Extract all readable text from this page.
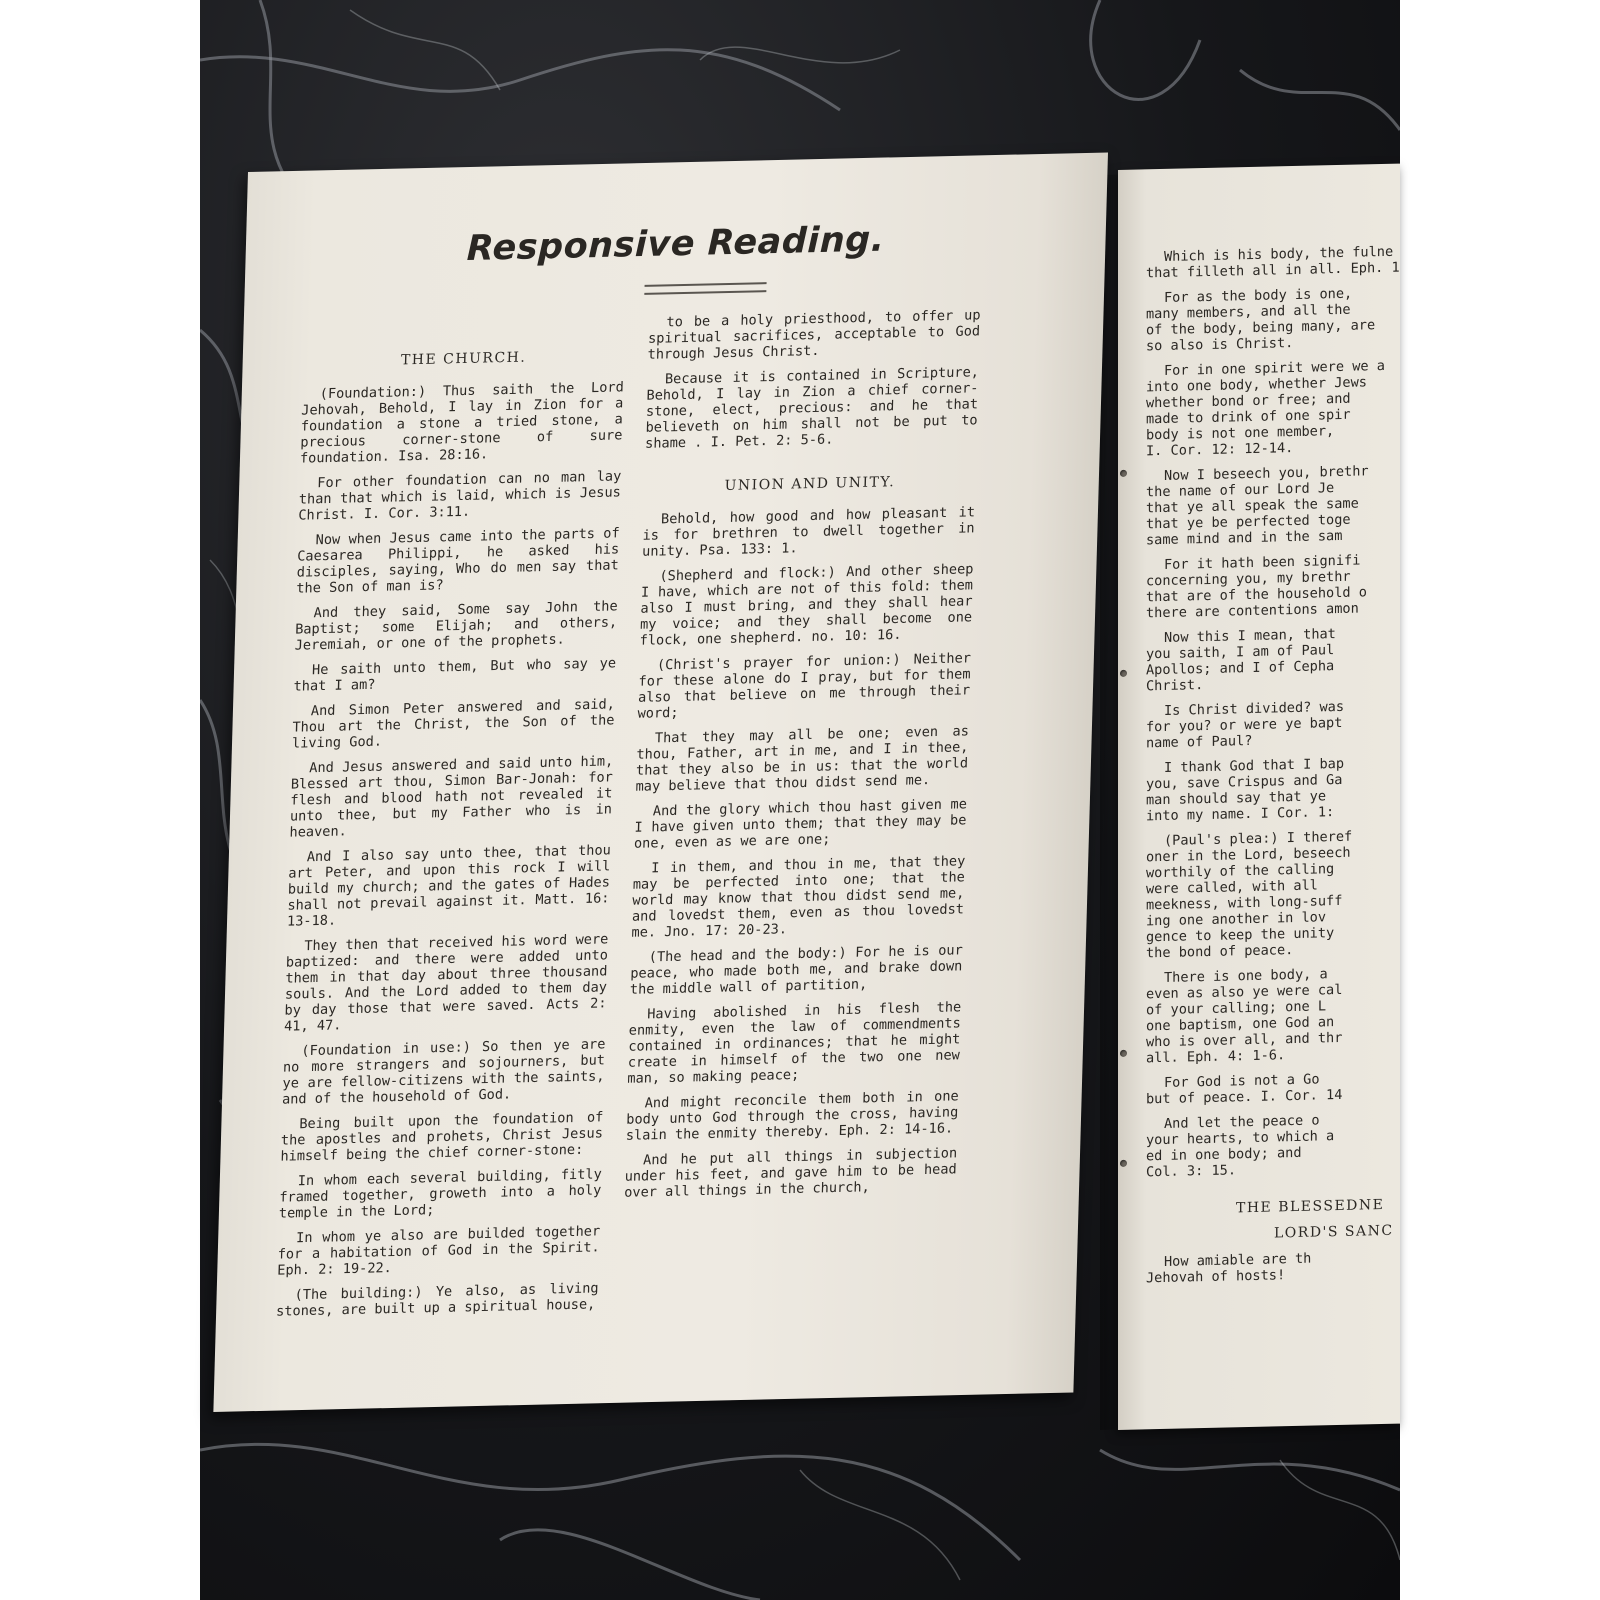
Responsive Reading.
THE CHURCH.

(Foundation:) Thus saith the Lord Jehovah, Behold, I lay in Zion for a foundation a stone a tried stone, a precious corner-stone of sure foundation. Isa. 28:16.

For other foundation can no man lay than that which is laid, which is Jesus Christ. I. Cor. 3:11.

Now when Jesus came into the parts of Caesarea Philippi, he asked his disciples, saying, Who do men say that the Son of man is?

And they said, Some say John the Baptist; some Elijah; and others, Jeremiah, or one of the prophets.

He saith unto them, But who say ye that I am?

And Simon Peter answered and said, Thou art the Christ, the Son of the living God.

And Jesus answered and said unto him, Blessed art thou, Simon Bar-Jonah: for flesh and blood hath not revealed it unto thee, but my Father who is in heaven.

And I also say unto thee, that thou art Peter, and upon this rock I will build my church; and the gates of Hades shall not prevail against it. Matt. 16: 13-18.

They then that received his word were baptized: and there were added unto them in that day about three thousand souls. And the Lord added to them day by day those that were saved. Acts 2: 41, 47.

(Foundation in use:) So then ye are no more strangers and sojourners, but ye are fellow-citizens with the saints, and of the household of God.

Being built upon the foundation of the apostles and prohets, Christ Jesus himself being the chief corner-stone:

In whom each several building, fitly framed together, groweth into a holy temple in the Lord;

In whom ye also are builded together for a habitation of God in the Spirit. Eph. 2: 19-22.

(The building:) Ye also, as living stones, are built up a spiritual house,

to be a holy priesthood, to offer up spiritual sacrifices, acceptable to God through Jesus Christ.

Because it is contained in Scripture, Behold, I lay in Zion a chief corner-stone, elect, precious: and he that believeth on him shall not be put to shame . I. Pet. 2: 5-6.

UNION AND UNITY.

Behold, how good and how pleasant it is for brethren to dwell together in unity. Psa. 133: 1.

(Shepherd and flock:) And other sheep I have, which are not of this fold: them also I must bring, and they shall hear my voice; and they shall become one flock, one shepherd. no. 10: 16.

(Christ's prayer for union:) Neither for these alone do I pray, but for them also that believe on me through their word;

That they may all be one; even as thou, Father, art in me, and I in thee, that they also be in us: that the world may believe that thou didst send me.

And the glory which thou hast given me I have given unto them; that they may be one, even as we are one;

I in them, and thou in me, that they may be perfected into one; that the world may know that thou didst send me, and lovedst them, even as thou lovedst me. Jno. 17: 20-23.

(The head and the body:) For he is our peace, who made both me, and brake down the middle wall of partition,

Having abolished in his flesh the enmity, even the law of commendments contained in ordinances; that he might create in himself of the two one new man, so making peace;

And might reconcile them both in one body unto God through the cross, having slain the enmity thereby. Eph. 2: 14-16.

And he put all things in subjection under his feet, and gave him to be head over all things in the church,

Which is his body, the fulne
that filleth all in all. Eph. 1

For as the body is one,
many members, and all the
of the body, being many, are
so also is Christ.

For in one spirit were we a
into one body, whether Jews
whether bond or free; and
made to drink of one spir
body is not one member,
I. Cor. 12: 12-14.

Now I beseech you, brethr
the name of our Lord Je
that ye all speak the same
that ye be perfected toge
same mind and in the sam

For it hath been signifi
concerning you, my brethr
that are of the household o
there are contentions amon

Now this I mean, that
you saith, I am of Paul
Apollos; and I of Cepha
Christ.

Is Christ divided? was
for you? or were ye bapt
name of Paul?

I thank God that I bap
you, save Crispus and Ga
man should say that ye
into my name. I Cor. 1:

(Paul's plea:) I theref
oner in the Lord, beseech
worthily of the calling
were called, with all
meekness, with long-suff
ing one another in lov
gence to keep the unity
the bond of peace.

There is one body, a
even as also ye were cal
of your calling; one L
one baptism, one God an
who is over all, and thr
all. Eph. 4: 1-6.

For God is not a Go
but of peace. I. Cor. 14

And let the peace o
your hearts, to which a
ed in one body; and
Col. 3: 15.

THE BLESSEDNE
LORD'S SANC

How amiable are th
Jehovah of hosts!
